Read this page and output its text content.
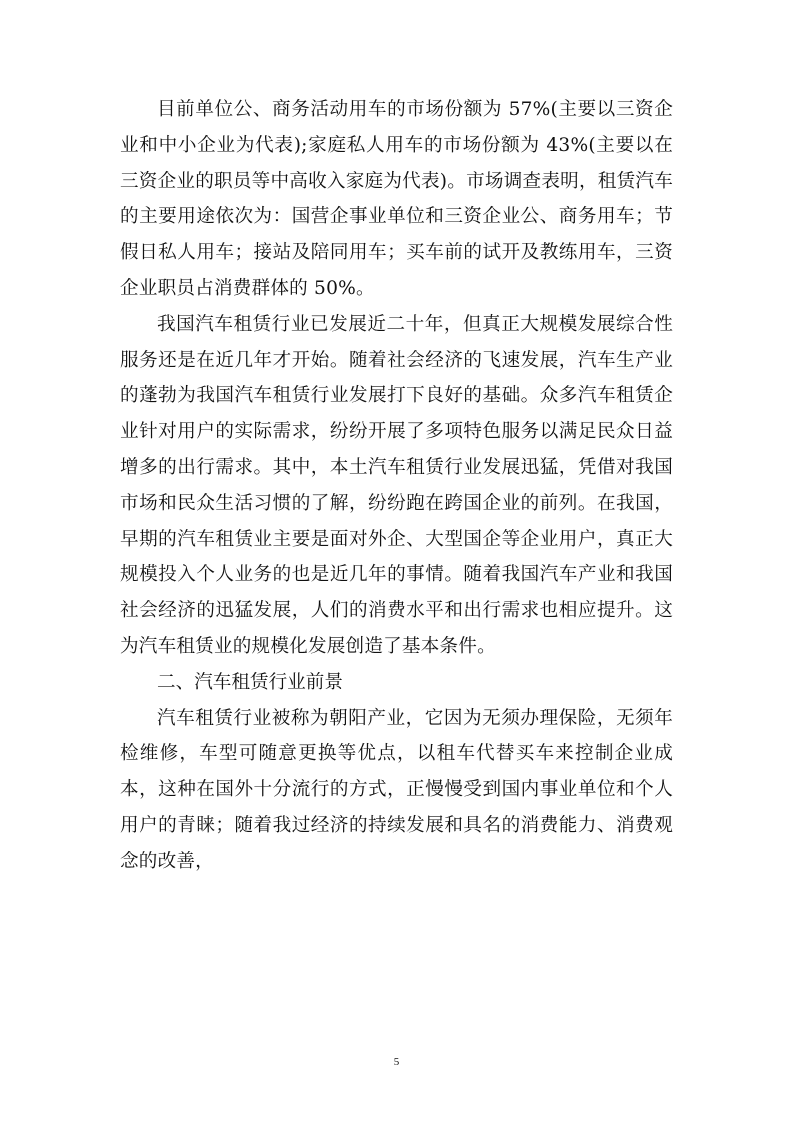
目前单位公、商务活动用车的市场份额为 57%(主要以三资企业和中小企业为代表);家庭私人用车的市场份额为 43%(主要以在三资企业的职员等中高收入家庭为代表)。市场调查表明，租赁汽车的主要用途依次为：国营企事业单位和三资企业公、商务用车；节假日私人用车；接站及陪同用车；买车前的试开及教练用车，三资企业职员占消费群体的 50%。

我国汽车租赁行业已发展近二十年，但真正大规模发展综合性服务还是在近几年才开始。随着社会经济的飞速发展，汽车生产业的蓬勃为我国汽车租赁行业发展打下良好的基础。众多汽车租赁企业针对用户的实际需求，纷纷开展了多项特色服务以满足民众日益增多的出行需求。其中，本土汽车租赁行业发展迅猛，凭借对我国市场和民众生活习惯的了解，纷纷跑在跨国企业的前列。在我国，早期的汽车租赁业主要是面对外企、大型国企等企业用户，真正大规模投入个人业务的也是近几年的事情。随着我国汽车产业和我国社会经济的迅猛发展，人们的消费水平和出行需求也相应提升。这为汽车租赁业的规模化发展创造了基本条件。

二、汽车租赁行业前景

汽车租赁行业被称为朝阳产业，它因为无须办理保险，无须年检维修，车型可随意更换等优点，以租车代替买车来控制企业成本，这种在国外十分流行的方式，正慢慢受到国内事业单位和个人用户的青睐；随着我过经济的持续发展和具名的消费能力、消费观念的改善，

5
